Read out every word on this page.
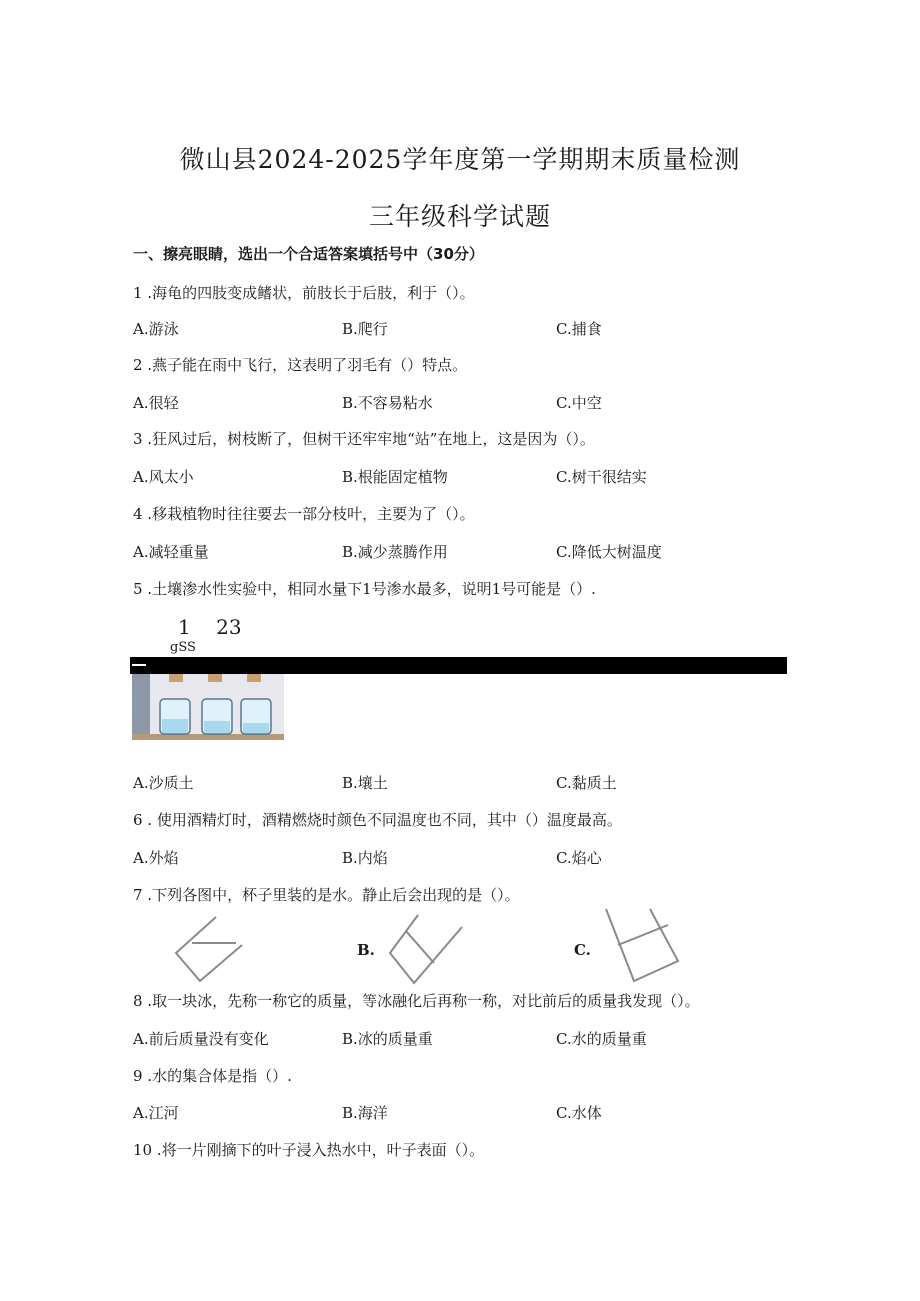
微山县2024-2025学年度第一学期期末质量检测
三年级科学试题
一、擦亮眼睛，选出一个合适答案填括号中（30分）
1 .海龟的四肢变成鳍状，前肢长于后肢，利于（）。
A.游泳	B.爬行	C.捕食
2 .燕子能在雨中飞行，这表明了羽毛有（）特点。
A.很轻	B.不容易粘水	C.中空
3 .狂风过后，树枝断了，但树干还牢牢地“站”在地上，这是因为（）。
A.风太小	B.根能固定植物	C.树干很结实
4 .移栽植物时往往要去一部分枝叶，主要为了（）。
A.减轻重量	B.减少蒸腾作用	C.降低大树温度
5 .土壤渗水性实验中，相同水量下1号渗水最多，说明1号可能是（）.
1    23
gSS
A.沙质土	B.壤土	C.黏质土
6 . 使用酒精灯时，酒精燃烧时颜色不同温度也不同，其中（）温度最高。
A.外焰	B.内焰	C.焰心
7 .下列各图中，杯子里装的是水。静止后会出现的是（）。
B.	C.
8 .取一块冰，先称一称它的质量，等冰融化后再称一称，对比前后的质量我发现（）。
A.前后质量没有变化	B.冰的质量重	C.水的质量重
9 .水的集合体是指（）.
A.江河	B.海洋	C.水体
10 .将一片刚摘下的叶子浸入热水中，叶子表面（）。
